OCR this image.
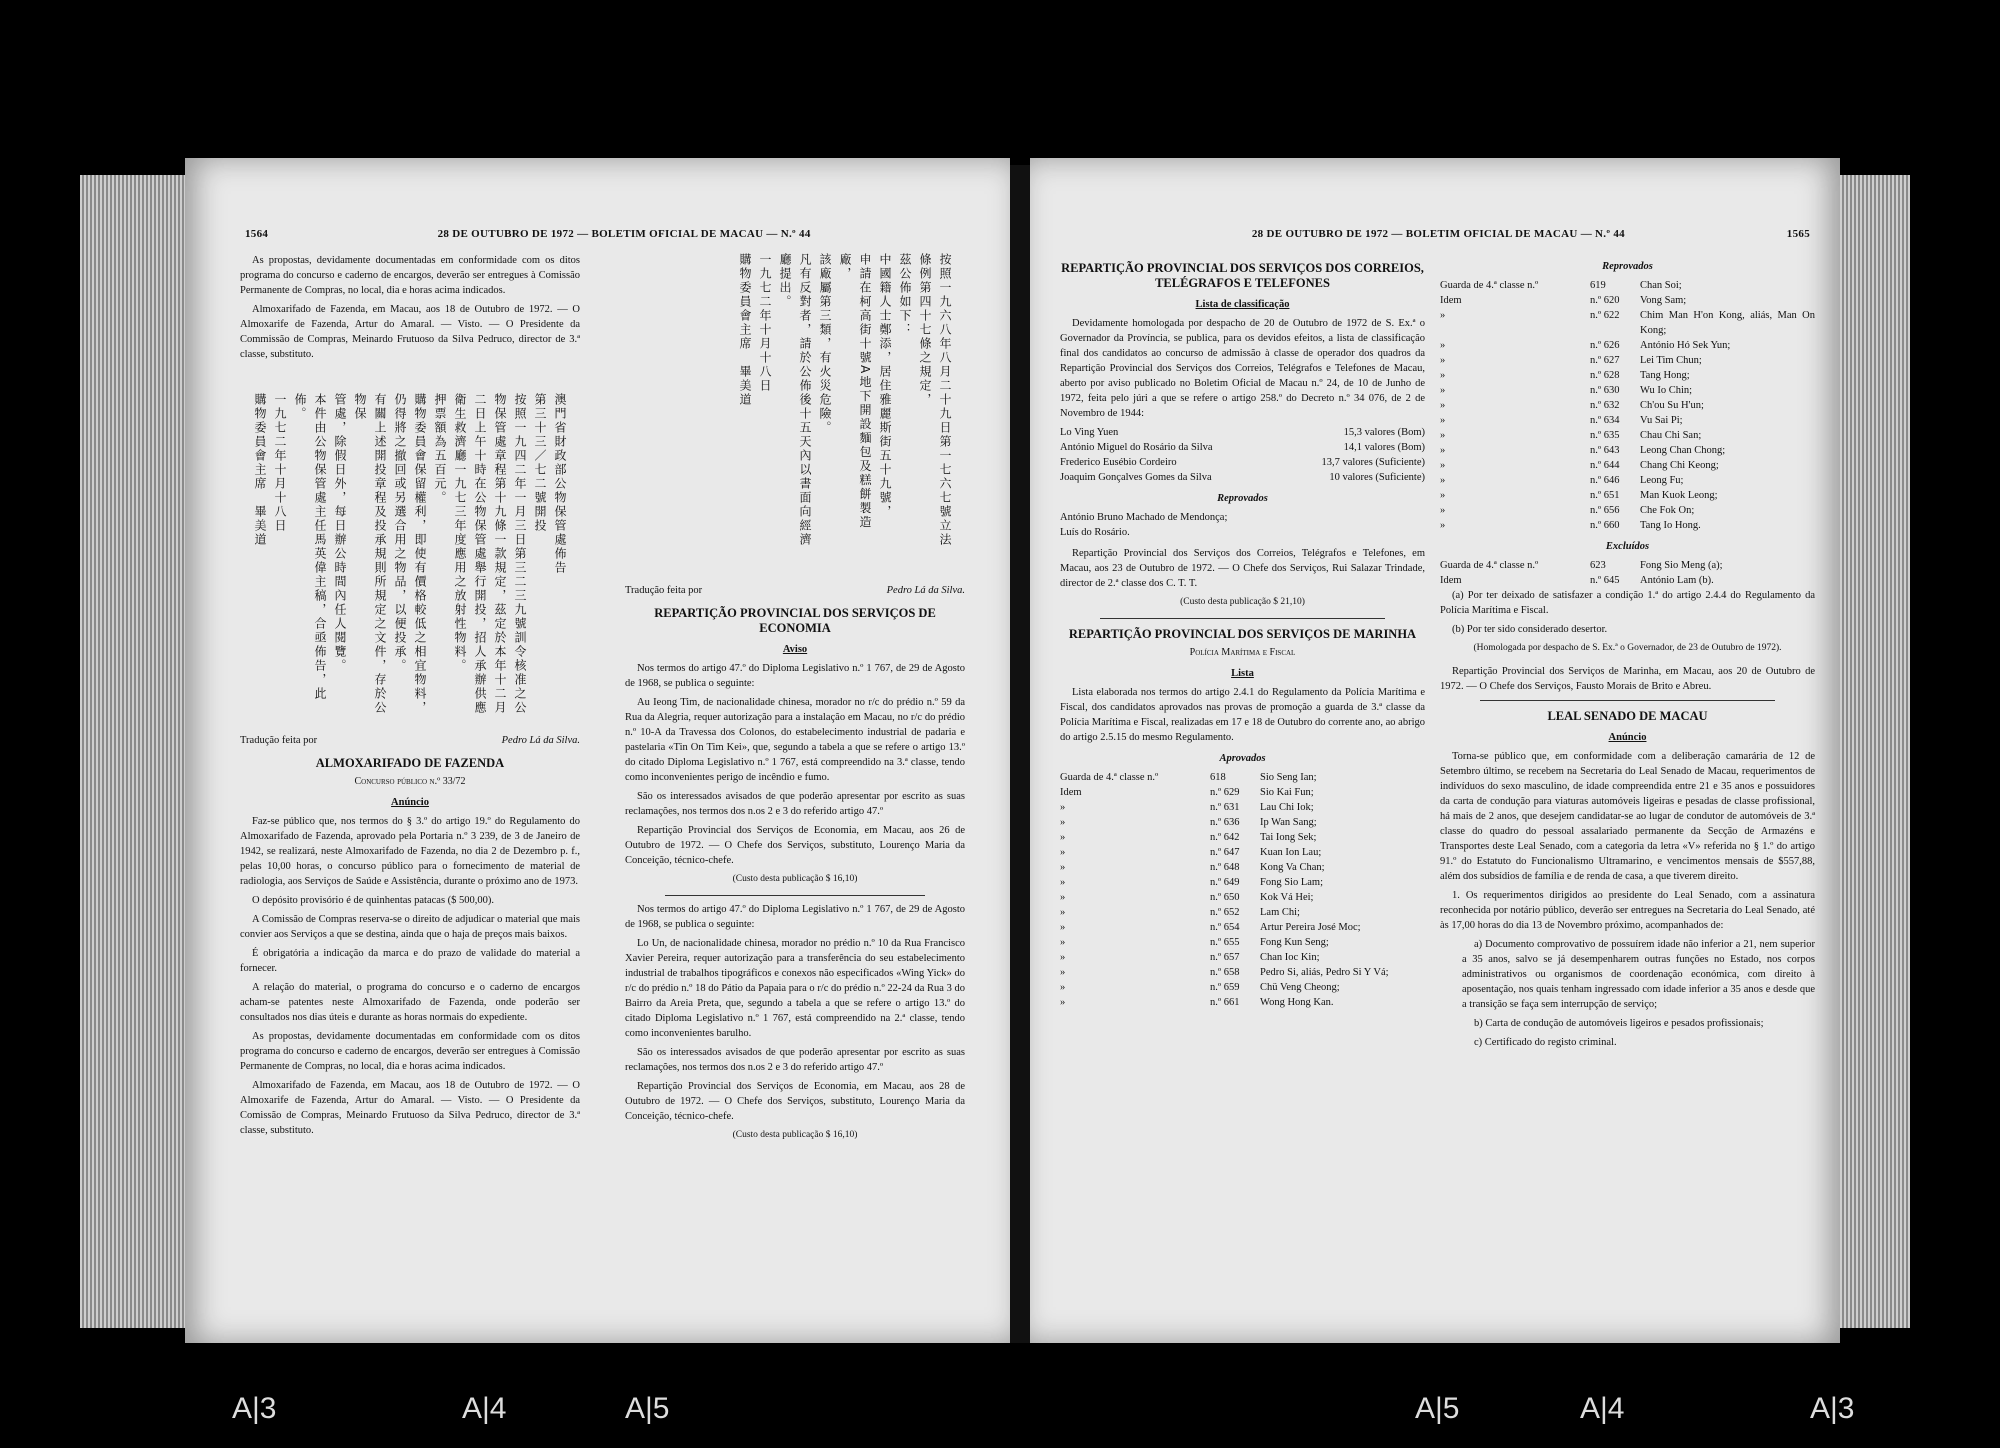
1564	28 DE OUTUBRO DE 1972 — BOLETIM OFICIAL DE MACAU — N.º 44

As propostas, devidamente documentadas em conformidade com os ditos programa do concurso e caderno de encargos, deverão ser entregues à Comissão Permanente de Compras, no local, dia e horas acima indicados.

Almoxarifado de Fazenda, em Macau, aos 18 de Outubro de 1972. — O Almoxarife de Fazenda, Artur do Amaral. — Visto. — O Presidente da Commissão de Compras, Meinardo Frutuoso da Silva Pedruco, director de 3.ª classe, substituto.

澳門省財政部公物保管處佈告
第三十三／七二號開投
按照一九四二年一月三日第三二三九號訓令核准之公
物保管處章程第十九條一款規定，茲定於本年十二月
二日上午十時在公物保管處舉行開投，招人承辦供應
衛生救濟廳一九七三年度應用之放射性物料。
押票額為五百元。
購物委員會保留權利，即使有價格較低之相宜物料，
仍得將之撤回或另選合用之物品，以便投承。
有關上述開投章程及投承規則所規定之文件，存於公物保
管處，除假日外，每日辦公時間內任人閱覽。
本件由公物保管處主任馬英偉主稿，合亟佈告，此佈。
一九七二年十月十八日
購物委員會主席　畢美道
Tradução feita por	Pedro Lá da Silva.
ALMOXARIFADO DE FAZENDA
Concurso público n.º 33/72
Anúncio

Faz-se público que, nos termos do § 3.º do artigo 19.º do Regulamento do Almoxarifado de Fazenda, aprovado pela Portaria n.º 3 239, de 3 de Janeiro de 1942, se realizará, neste Almoxarifado de Fazenda, no dia 2 de Dezembro p. f., pelas 10,00 horas, o concurso público para o fornecimento de material de radiologia, aos Serviços de Saúde e Assistência, durante o próximo ano de 1973.

O depósito provisório é de quinhentas patacas ($ 500,00).

A Comissão de Compras reserva-se o direito de adjudicar o material que mais convier aos Serviços a que se destina, ainda que o haja de preços mais baixos.

É obrigatória a indicação da marca e do prazo de validade do material a fornecer.

A relação do material, o programa do concurso e o caderno de encargos acham-se patentes neste Almoxarifado de Fazenda, onde poderão ser consultados nos dias úteis e durante as horas normais do expediente.

As propostas, devidamente documentadas em conformidade com os ditos programa do concurso e caderno de encargos, deverão ser entregues à Comissão Permanente de Compras, no local, dia e horas acima indicados.

Almoxarifado de Fazenda, em Macau, aos 18 de Outubro de 1972. — O Almoxarife de Fazenda, Artur do Amaral. — Visto. — O Presidente da Comissão de Compras, Meinardo Frutuoso da Silva Pedruco, director de 3.ª classe, substituto.

按照一九六八年八月二十九日第一七六七號立法條例第四十七條之規定，
茲公佈如下：
中國籍人士鄭添，居住雅麗斯街五十九號，
申請在柯高街十號A地下開設麵包及糕餅製造廠，
該廠屬第三類，有火災危險。
凡有反對者，請於公佈後十五天內以書面向經濟廳提出。
一九七二年十月十八日
購物委員會主席　畢美道
Tradução feita por	Pedro Lá da Silva.
REPARTIÇÃO PROVINCIAL DOS SERVIÇOS DE ECONOMIA
Aviso

Nos termos do artigo 47.º do Diploma Legislativo n.º 1 767, de 29 de Agosto de 1968, se publica o seguinte:

Au Ieong Tim, de nacionalidade chinesa, morador no r/c do prédio n.º 59 da Rua da Alegria, requer autorização para a instalação em Macau, no r/c do prédio n.º 10-A da Travessa dos Colonos, do estabelecimento industrial de padaria e pastelaria «Tin On Tim Kei», que, segundo a tabela a que se refere o artigo 13.º do citado Diploma Legislativo n.º 1 767, está compreendido na 3.ª classe, tendo como inconvenientes perigo de incêndio e fumo.

São os interessados avisados de que poderão apresentar por escrito as suas reclamações, nos termos dos n.os 2 e 3 do referido artigo 47.º

Repartição Provincial dos Serviços de Economia, em Macau, aos 26 de Outubro de 1972. — O Chefe dos Serviços, substituto, Lourenço Maria da Conceição, técnico-chefe.

(Custo desta publicação $ 16,10)

Nos termos do artigo 47.º do Diploma Legislativo n.º 1 767, de 29 de Agosto de 1968, se publica o seguinte:

Lo Un, de nacionalidade chinesa, morador no prédio n.º 10 da Rua Francisco Xavier Pereira, requer autorização para a transferência do seu estabelecimento industrial de trabalhos tipográficos e conexos não especificados «Wing Yick» do r/c do prédio n.º 18 do Pátio da Papaia para o r/c do prédio n.º 22-24 da Rua 3 do Bairro da Areia Preta, que, segundo a tabela a que se refere o artigo 13.º do citado Diploma Legislativo n.º 1 767, está compreendido na 2.ª classe, tendo como inconvenientes barulho.

São os interessados avisados de que poderão apresentar por escrito as suas reclamações, nos termos dos n.os 2 e 3 do referido artigo 47.º

Repartição Provincial dos Serviços de Economia, em Macau, aos 28 de Outubro de 1972. — O Chefe dos Serviços, substituto, Lourenço Maria da Conceição, técnico-chefe.

(Custo desta publicação $ 16,10)
28 DE OUTUBRO DE 1972 — BOLETIM OFICIAL DE MACAU — N.º 44	1565
REPARTIÇÃO PROVINCIAL DOS SERVIÇOS DOS CORREIOS, TELÉGRAFOS E TELEFONES
Lista de classificação

Devidamente homologada por despacho de 20 de Outubro de 1972 de S. Ex.ª o Governador da Província, se publica, para os devidos efeitos, a lista de classificação final dos candidatos ao concurso de admissão à classe de operador dos quadros da Repartição Provincial dos Serviços dos Correios, Telégrafos e Telefones de Macau, aberto por aviso publicado no Boletim Oficial de Macau n.º 24, de 10 de Junho de 1972, feita pelo júri a que se refere o artigo 258.º do Decreto n.º 34 076, de 2 de Novembro de 1944:

Lo Ving Yuen	15,3 valores (Bom)
António Miguel do Rosário da Silva	14,1 valores (Bom)
Frederico Eusébio Cordeiro	13,7 valores (Suficiente)
Joaquim Gonçalves Gomes da Silva	10 valores (Suficiente)
Reprovados
António Bruno Machado de Mendonça;
Luís do Rosário.

Repartição Provincial dos Serviços dos Correios, Telégrafos e Telefones, em Macau, aos 23 de Outubro de 1972. — O Chefe dos Serviços, Rui Salazar Trindade, director de 2.ª classe dos C. T. T.

(Custo desta publicação $ 21,10)
REPARTIÇÃO PROVINCIAL DOS SERVIÇOS DE MARINHA
Polícia Marítima e Fiscal
Lista

Lista elaborada nos termos do artigo 2.4.1 do Regulamento da Polícia Marítima e Fiscal, dos candidatos aprovados nas provas de promoção a guarda de 3.ª classe da Polícia Marítima e Fiscal, realizadas em 17 e 18 de Outubro do corrente ano, ao abrigo do artigo 2.5.15 do mesmo Regulamento.

Aprovados
Guarda de 4.ª classe n.º	618	Sio Seng Ian;
Idem	n.º 629	Sio Kai Fun;
»	n.º 631	Lau Chi Iok;
»	n.º 636	Ip Wan Sang;
»	n.º 642	Tai Iong Sek;
»	n.º 647	Kuan Ion Lau;
»	n.º 648	Kong Va Chan;
»	n.º 649	Fong Sio Lam;
»	n.º 650	Kok Vá Hei;
»	n.º 652	Lam Chi;
»	n.º 654	Artur Pereira José Moc;
»	n.º 655	Fong Kun Seng;
»	n.º 657	Chan Ioc Kin;
»	n.º 658	Pedro Si, aliás, Pedro Si Y Vá;
»	n.º 659	Chü Veng Cheong;
»	n.º 661	Wong Hong Kan.
Reprovados
Guarda de 4.ª classe n.º	619	Chan Soi;
Idem	n.º 620	Vong Sam;
»	n.º 622	Chim Man H'on Kong, aliás, Man On Kong;
»	n.º 626	António Hó Sek Yun;
»	n.º 627	Lei Tim Chun;
»	n.º 628	Tang Hong;
»	n.º 630	Wu Io Chin;
»	n.º 632	Ch'ou Su H'un;
»	n.º 634	Vu Sai Pi;
»	n.º 635	Chau Chi San;
»	n.º 643	Leong Chan Chong;
»	n.º 644	Chang Chi Keong;
»	n.º 646	Leong Fu;
»	n.º 651	Man Kuok Leong;
»	n.º 656	Che Fok On;
»	n.º 660	Tang Io Hong.
Excluídos
Guarda de 4.ª classe n.º	623	Fong Sio Meng (a);
Idem	n.º 645	António Lam (b).

(a) Por ter deixado de satisfazer a condição 1.ª do artigo 2.4.4 do Regulamento da Polícia Marítima e Fiscal.

(b) Por ter sido considerado desertor.

(Homologada por despacho de S. Ex.ª o Governador, de 23 de Outubro de 1972).

Repartição Provincial dos Serviços de Marinha, em Macau, aos 20 de Outubro de 1972. — O Chefe dos Serviços, Fausto Morais de Brito e Abreu.

LEAL SENADO DE MACAU
Anúncio

Torna-se público que, em conformidade com a deliberação camarária de 12 de Setembro último, se recebem na Secretaria do Leal Senado de Macau, requerimentos de indivíduos do sexo masculino, de idade compreendida entre 21 e 35 anos e possuidores da carta de condução para viaturas automóveis ligeiras e pesadas de classe profissional, há mais de 2 anos, que desejem candidatar-se ao lugar de condutor de automóveis de 3.ª classe do quadro do pessoal assalariado permanente da Secção de Armazéns e Transportes deste Leal Senado, com a categoria da letra «V» referida no § 1.º do artigo 91.º do Estatuto do Funcionalismo Ultramarino, e vencimentos mensais de $557,88, além dos subsídios de família e de renda de casa, a que tiverem direito.

1. Os requerimentos dirigidos ao presidente do Leal Senado, com a assinatura reconhecida por notário público, deverão ser entregues na Secretaria do Leal Senado, até às 17,00 horas do dia 13 de Novembro próximo, acompanhados de:

a) Documento comprovativo de possuírem idade não inferior a 21, nem superior a 35 anos, salvo se já desempenharem outras funções no Estado, nos corpos administrativos ou organismos de coordenação económica, com direito à aposentação, nos quais tenham ingressado com idade inferior a 35 anos e desde que a transição se faça sem interrupção de serviço;

b) Carta de condução de automóveis ligeiros e pesados profissionais;

c) Certificado do registo criminal.

A|3	A|4	A|5	A|5	A|4	A|3
